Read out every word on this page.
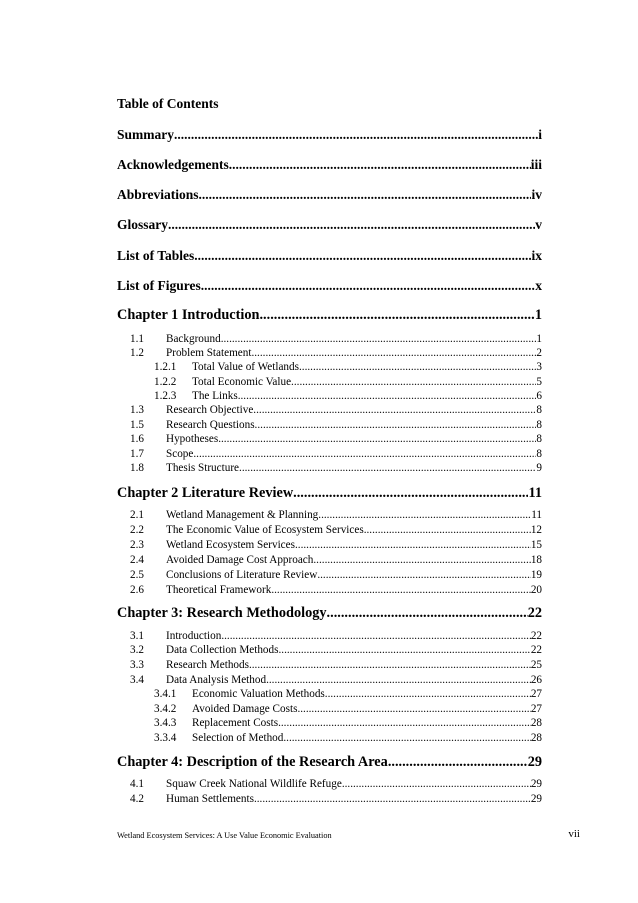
Table of Contents
Summary .....	i
Acknowledgements .....	iii
Abbreviations .....	iv
Glossary .....	v
List of Tables .....	ix
List of Figures .....	x
Chapter 1 Introduction .....	1
1.1	Background .....	1
1.2	Problem Statement .....	2
1.2.1	Total Value of Wetlands .....	3
1.2.2	Total Economic Value .....	5
1.2.3	The Links .....	6
1.3	Research Objective .....	8
1.5	Research Questions .....	8
1.6	Hypotheses .....	8
1.7	Scope .....	8
1.8	Thesis Structure .....	9
Chapter 2 Literature Review .....	11
2.1	Wetland Management & Planning .....	11
2.2	The Economic Value of Ecosystem Services .....	12
2.3	Wetland Ecosystem Services .....	15
2.4	Avoided Damage Cost Approach .....	18
2.5	Conclusions of Literature Review .....	19
2.6	Theoretical Framework .....	20
Chapter 3: Research Methodology .....	22
3.1	Introduction .....	22
3.2	Data Collection Methods .....	22
3.3	Research Methods .....	25
3.4	Data Analysis Method .....	26
3.4.1	Economic Valuation Methods .....	27
3.4.2	Avoided Damage Costs .....	27
3.4.3	Replacement Costs .....	28
3.3.4	Selection of Method .....	28
Chapter 4: Description of the Research Area .....	29
4.1	Squaw Creek National Wildlife Refuge .....	29
4.2	Human Settlements .....	29
Wetland Ecosystem Services: A Use Value Economic Evaluation	vii
